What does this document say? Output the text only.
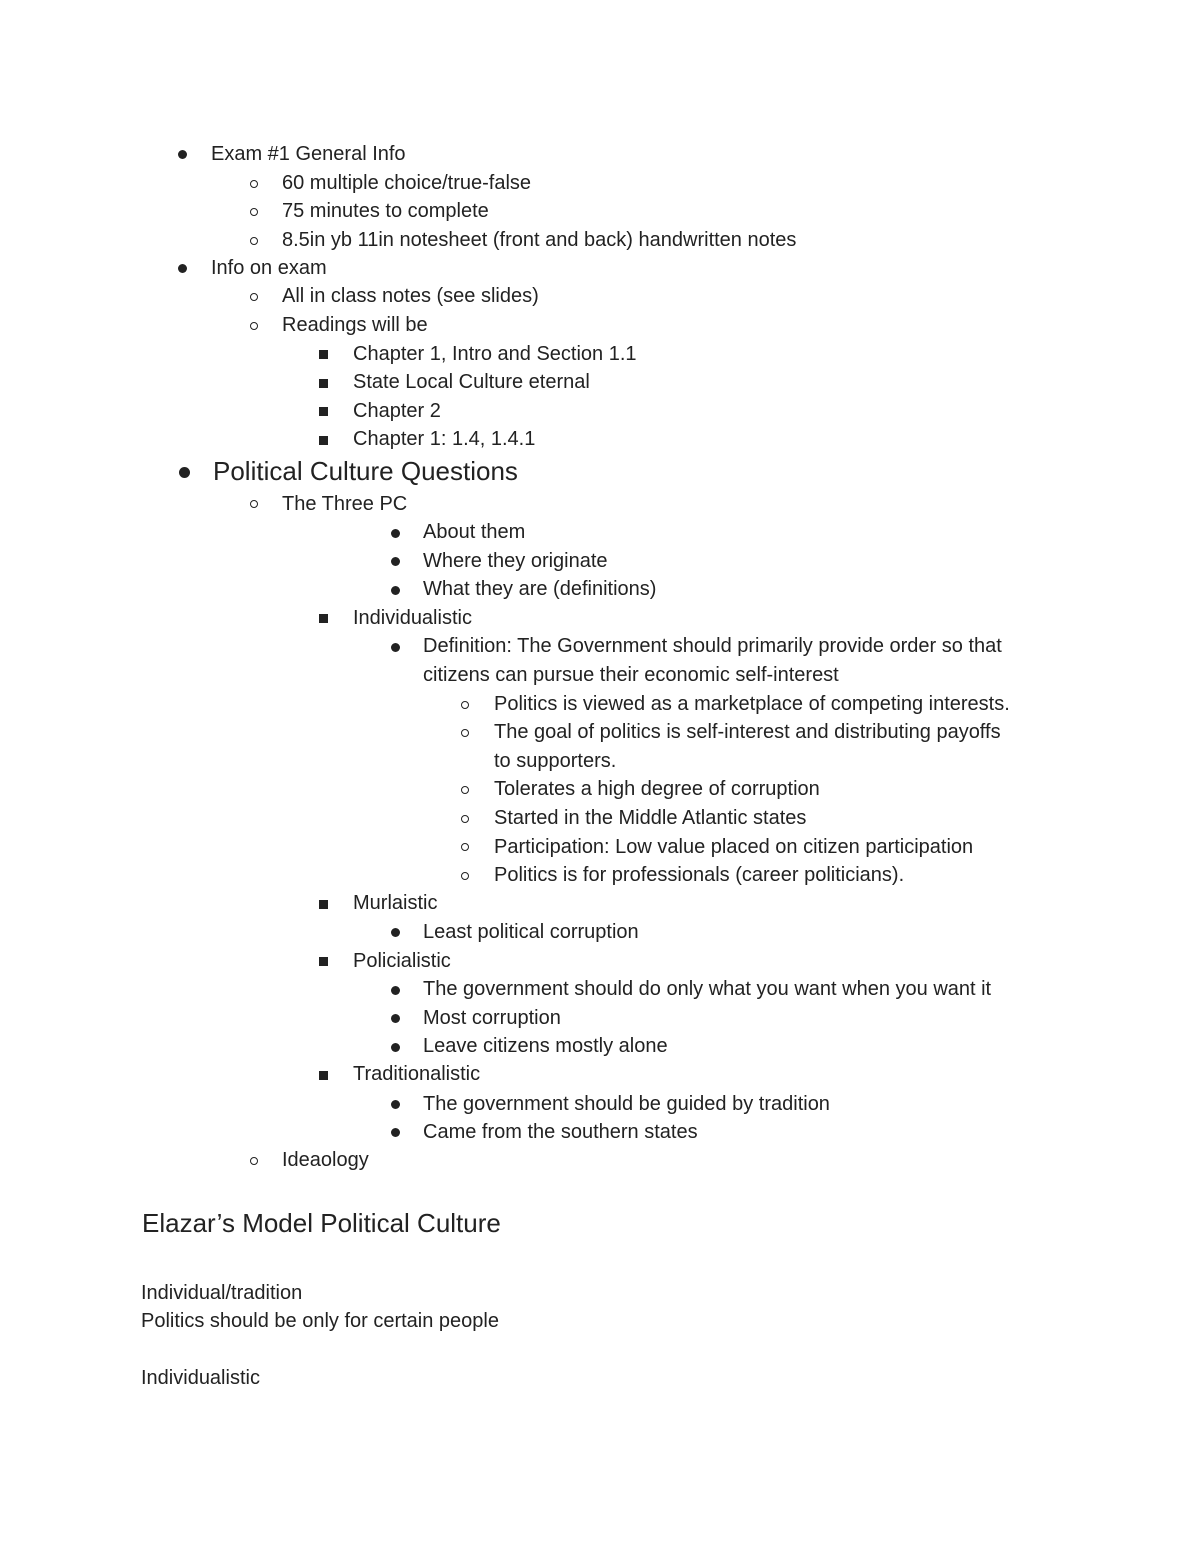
Exam #1 General Info
60 multiple choice/true-false
75 minutes to complete
8.5in yb 11in notesheet (front and back) handwritten notes
Info on exam
All in class notes (see slides)
Readings will be
Chapter 1, Intro and Section 1.1
State Local Culture eternal
Chapter 2
Chapter 1: 1.4, 1.4.1
Political Culture Questions
The Three PC
About them
Where they originate
What they are (definitions)
Individualistic
Definition: The Government should primarily provide order so that
citizens can pursue their economic self-interest
Politics is viewed as a marketplace of competing interests.
The goal of politics is self-interest and distributing payoffs
to supporters.
Tolerates a high degree of corruption
Started in the Middle Atlantic states
Participation: Low value placed on citizen participation
Politics is for professionals (career politicians).
Murlaistic
Least political corruption
Policialistic
The government should do only what you want when you want it
Most corruption
Leave citizens mostly alone
Traditionalistic
The government should be guided by tradition
Came from the southern states
Ideaology
Elazar’s Model Political Culture
Individual/tradition
Politics should be only for certain people
Individualistic
